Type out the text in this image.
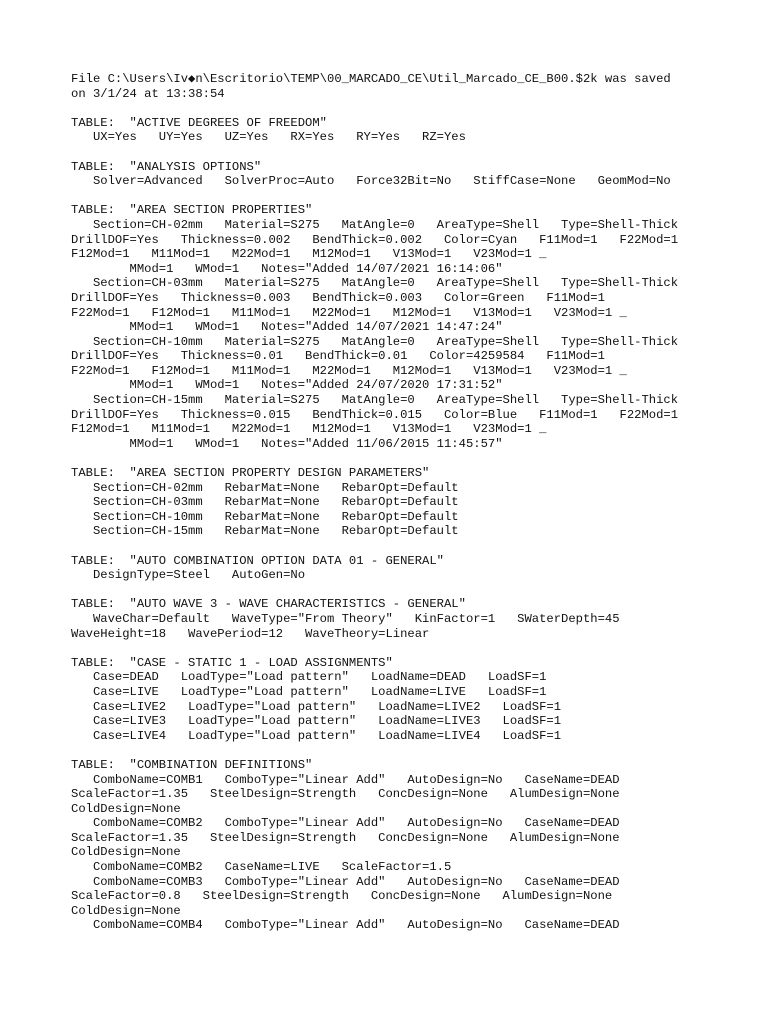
File C:\Users\Iv◆n\Escritorio\TEMP\00_MARCADO_CE\Util_Marcado_CE_B00.$2k was saved
on 3/1/24 at 13:38:54

TABLE:  "ACTIVE DEGREES OF FREEDOM"
UX=Yes   UY=Yes   UZ=Yes   RX=Yes   RY=Yes   RZ=Yes

TABLE:  "ANALYSIS OPTIONS"
Solver=Advanced   SolverProc=Auto   Force32Bit=No   StiffCase=None   GeomMod=No

TABLE:  "AREA SECTION PROPERTIES"
Section=CH-02mm   Material=S275   MatAngle=0   AreaType=Shell   Type=Shell-Thick
DrillDOF=Yes   Thickness=0.002   BendThick=0.002   Color=Cyan   F11Mod=1   F22Mod=1
F12Mod=1   M11Mod=1   M22Mod=1   M12Mod=1   V13Mod=1   V23Mod=1 _
MMod=1   WMod=1   Notes="Added 14/07/2021 16:14:06"
Section=CH-03mm   Material=S275   MatAngle=0   AreaType=Shell   Type=Shell-Thick
DrillDOF=Yes   Thickness=0.003   BendThick=0.003   Color=Green   F11Mod=1
F22Mod=1   F12Mod=1   M11Mod=1   M22Mod=1   M12Mod=1   V13Mod=1   V23Mod=1 _
MMod=1   WMod=1   Notes="Added 14/07/2021 14:47:24"
Section=CH-10mm   Material=S275   MatAngle=0   AreaType=Shell   Type=Shell-Thick
DrillDOF=Yes   Thickness=0.01   BendThick=0.01   Color=4259584   F11Mod=1
F22Mod=1   F12Mod=1   M11Mod=1   M22Mod=1   M12Mod=1   V13Mod=1   V23Mod=1 _
MMod=1   WMod=1   Notes="Added 24/07/2020 17:31:52"
Section=CH-15mm   Material=S275   MatAngle=0   AreaType=Shell   Type=Shell-Thick
DrillDOF=Yes   Thickness=0.015   BendThick=0.015   Color=Blue   F11Mod=1   F22Mod=1
F12Mod=1   M11Mod=1   M22Mod=1   M12Mod=1   V13Mod=1   V23Mod=1 _
MMod=1   WMod=1   Notes="Added 11/06/2015 11:45:57"

TABLE:  "AREA SECTION PROPERTY DESIGN PARAMETERS"
Section=CH-02mm   RebarMat=None   RebarOpt=Default
Section=CH-03mm   RebarMat=None   RebarOpt=Default
Section=CH-10mm   RebarMat=None   RebarOpt=Default
Section=CH-15mm   RebarMat=None   RebarOpt=Default

TABLE:  "AUTO COMBINATION OPTION DATA 01 - GENERAL"
DesignType=Steel   AutoGen=No

TABLE:  "AUTO WAVE 3 - WAVE CHARACTERISTICS - GENERAL"
WaveChar=Default   WaveType="From Theory"   KinFactor=1   SWaterDepth=45
WaveHeight=18   WavePeriod=12   WaveTheory=Linear

TABLE:  "CASE - STATIC 1 - LOAD ASSIGNMENTS"
Case=DEAD   LoadType="Load pattern"   LoadName=DEAD   LoadSF=1
Case=LIVE   LoadType="Load pattern"   LoadName=LIVE   LoadSF=1
Case=LIVE2   LoadType="Load pattern"   LoadName=LIVE2   LoadSF=1
Case=LIVE3   LoadType="Load pattern"   LoadName=LIVE3   LoadSF=1
Case=LIVE4   LoadType="Load pattern"   LoadName=LIVE4   LoadSF=1

TABLE:  "COMBINATION DEFINITIONS"
ComboName=COMB1   ComboType="Linear Add"   AutoDesign=No   CaseName=DEAD
ScaleFactor=1.35   SteelDesign=Strength   ConcDesign=None   AlumDesign=None
ColdDesign=None
ComboName=COMB2   ComboType="Linear Add"   AutoDesign=No   CaseName=DEAD
ScaleFactor=1.35   SteelDesign=Strength   ConcDesign=None   AlumDesign=None
ColdDesign=None
ComboName=COMB2   CaseName=LIVE   ScaleFactor=1.5
ComboName=COMB3   ComboType="Linear Add"   AutoDesign=No   CaseName=DEAD
ScaleFactor=0.8   SteelDesign=Strength   ConcDesign=None   AlumDesign=None
ColdDesign=None
ComboName=COMB4   ComboType="Linear Add"   AutoDesign=No   CaseName=DEAD
